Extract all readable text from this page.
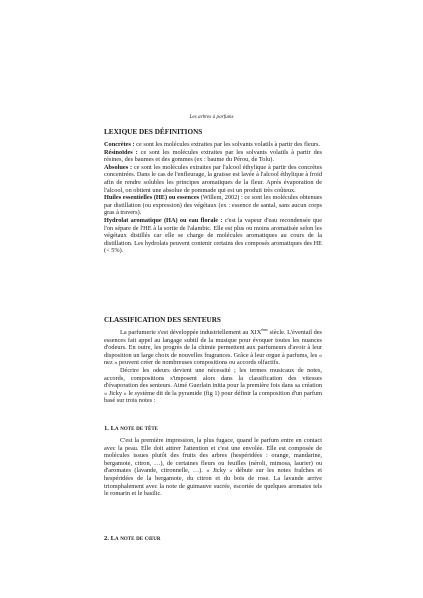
Les arbres à parfums
LEXIQUE DES DÉFINITIONS

Concrètes : ce sont les molécules extraites par les solvants volatils à partir des fleurs.

Résinoïdes : ce sont les molécules extraites par les solvants volatils à partir des résines, des baumes et des gommes (ex : baume du Pérou, de Tolu).

Absolues : ce sont les molécules extraites par l'alcool éthylique à partir des concrètes concentrées. Dans le cas de l'enfleurage, la graisse est lavée à l'alcool éthylique à froid afin de rendre solubles les principes aromatiques de la fleur. Après évaporation de l'alcool, on obtient une absolue de pommade qui est un produit très coûteux.

Huiles essentielles (HE) ou essences (Willem, 2002) : ce sont les molécules obtenues par distillation (ou expression) des végétaux (ex : essence de santal, sans aucun corps gras à travers).

Hydrolat aromatique (HA) ou eau florale : c'est la vapeur d'eau recondensée que l'on sépare de l'HE à la sortie de l'alambic. Elle est plus ou moins aromatisée selon les végétaux distillés car elle se charge de molécules aromatiques au cours de la distillation. Les hydrolats peuvent contenir certains des composés aromatiques des HE (< 5%).

CLASSIFICATION DES SENTEURS

La parfumerie s'est développée industriellement au XIXème siècle. L'éventail des essences fait appel au langage subtil de la musique pour évoquer toutes les nuances d'odeurs. En outre, les progrès de la chimie permettent aux parfumeurs d'avoir à leur disposition un large choix de nouvelles fragrances. Grâce à leur orgue à parfums, les « nez » peuvent créer de nombreuses compositions ou accords olfactifs.

Décrire les odeurs devient une nécessité ; les termes musicaux de notes, accords, compositions s'imposent alors dans la classification des vitesses d'évaporation des senteurs. Aimé Guerlain initia pour la première fois dans sa création « Jicky » le système dit de la pyramide (fig 1) pour définir la composition d'un parfum basé sur trois notes :

1. La note de tête

C'est la première impression, la plus fugace, quand le parfum entre en contact avec la peau. Elle doit attirer l'attention et c'est une envolée. Elle est composée de molécules issues plutôt des fruits des arbres (hespéridées : orange, mandarine, bergamote, citron, …), de certaines fleurs ou feuilles (néroli, mimosa, laurier) ou d'aromates (lavande, citronnelle, …). « Jicky » débute sur les notes fraîches et hespéridées de la bergamote, du citron et du bois de rose. La lavande arrive triomphalement avec la note de guimauve sucrée, escortée de quelques aromates tels le romarin et le basilic.

2. La note de cœur
